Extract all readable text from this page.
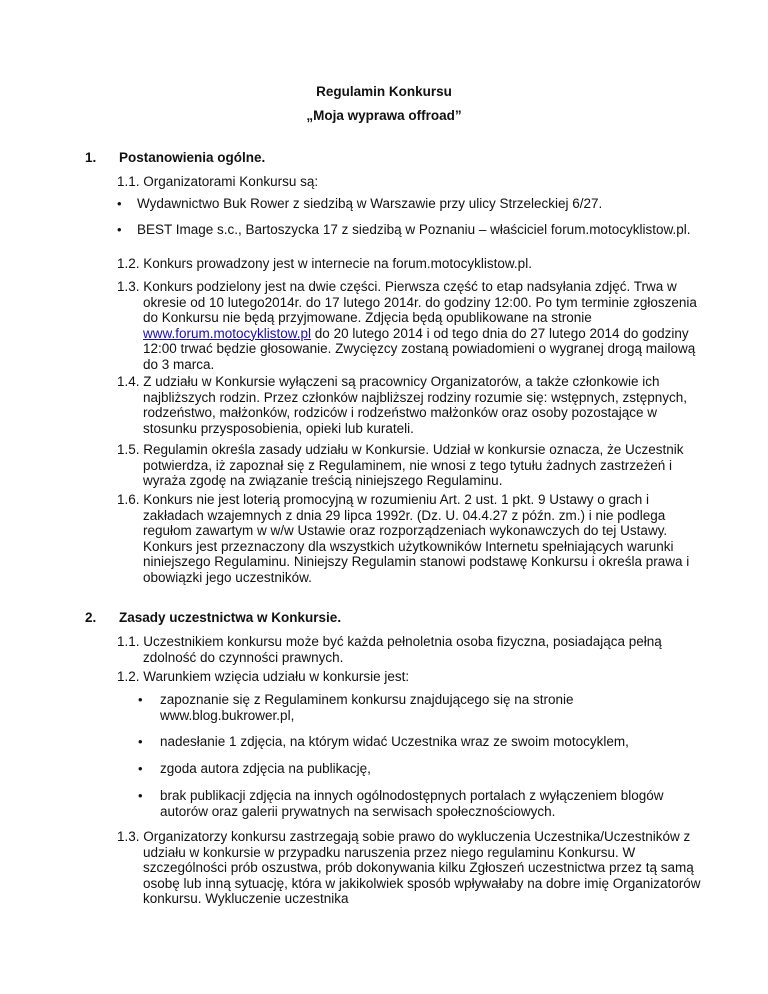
Regulamin Konkursu
„Moja wyprawa offroad”
1. Postanowienia ogólne.
1.1. Organizatorami Konkursu są:
•	Wydawnictwo Buk Rower z siedzibą w Warszawie przy ulicy Strzeleckiej 6/27.
•	BEST Image s.c., Bartoszycka 17 z siedzibą w Poznaniu – właściciel forum.motocyklistow.pl.
1.2. Konkurs prowadzony jest w internecie na forum.motocyklistow.pl.
1.3. Konkurs podzielony jest na dwie części. Pierwsza część to etap nadsyłania zdjęć. Trwa w okresie od 10 lutego2014r. do 17 lutego 2014r. do godziny 12:00. Po tym terminie zgłoszenia do Konkursu nie będą przyjmowane. Zdjęcia będą opublikowane na stronie www.forum.motocyklistow.pl do 20 lutego 2014 i od tego dnia do 27 lutego 2014 do godziny 12:00 trwać będzie głosowanie. Zwycięzcy zostaną powiadomieni o wygranej drogą mailową do 3 marca.
1.4. Z udziału w Konkursie wyłączeni są pracownicy Organizatorów, a także członkowie ich najbliższych rodzin. Przez członków najbliższej rodziny rozumie się: wstępnych, zstępnych, rodzeństwo, małżonków, rodziców i rodzeństwo małżonków oraz osoby pozostające w stosunku przysposobienia, opieki lub kurateli.
1.5. Regulamin określa zasady udziału w Konkursie. Udział w konkursie oznacza, że Uczestnik potwierdza, iż zapoznał się z Regulaminem, nie wnosi z tego tytułu żadnych zastrzeżeń i wyraża zgodę na związanie treścią niniejszego Regulaminu.
1.6. Konkurs nie jest loterią promocyjną w rozumieniu Art. 2 ust. 1 pkt. 9 Ustawy o grach i zakładach wzajemnych z dnia 29 lipca 1992r. (Dz. U. 04.4.27 z późn. zm.) i nie podlega regułom zawartym w w/w Ustawie oraz rozporządzeniach wykonawczych do tej Ustawy. Konkurs jest przeznaczony dla wszystkich użytkowników Internetu spełniających warunki niniejszego Regulaminu. Niniejszy Regulamin stanowi podstawę Konkursu i określa prawa i obowiązki jego uczestników.
2. Zasady uczestnictwa w Konkursie.
1.1. Uczestnikiem konkursu może być każda pełnoletnia osoba fizyczna, posiadająca pełną zdolność do czynności prawnych.
1.2. Warunkiem wzięcia udziału w konkursie jest:
•	zapoznanie się z Regulaminem konkursu znajdującego się na stronie www.blog.bukrower.pl,
•	nadesłanie 1 zdjęcia, na którym widać Uczestnika wraz ze swoim motocyklem,
•	zgoda autora zdjęcia na publikację,
•	brak publikacji zdjęcia na innych ogólnodostępnych portalach z wyłączeniem blogów autorów oraz galerii prywatnych na serwisach społecznościowych.
1.3. Organizatorzy konkursu zastrzegają sobie prawo do wykluczenia Uczestnika/Uczestników z udziału w konkursie w przypadku naruszenia przez niego regulaminu Konkursu. W szczególności prób oszustwa, prób dokonywania kilku Zgłoszeń uczestnictwa przez tą samą osobę lub inną sytuację, która w jakikolwiek sposób wpływałaby na dobre imię Organizatorów konkursu. Wykluczenie uczestnika
